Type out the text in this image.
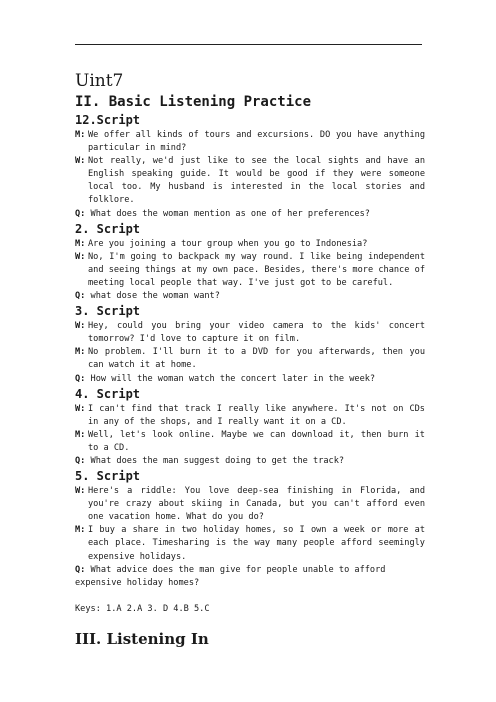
Uint7
II. Basic Listening Practice
12.Script
M: We offer all kinds of tours and excursions. DO you have anything particular in mind?
W: Not really, we'd just like to see the local sights and have an English speaking guide. It would be good if they were someone local too. My husband is interested in the local stories and folklore.
Q: What does the woman mention as one of her preferences?
2. Script
M: Are you joining a tour group when you go to Indonesia?
W: No, I'm going to backpack my way round. I like being independent and seeing things at my own pace. Besides, there's more chance of meeting local people that way. I've just got to be careful.
Q: what dose the woman want?
3. Script
W: Hey, could you bring your video camera to the kids' concert tomorrow? I'd love to capture it on film.
M: No problem. I'll burn it to a DVD for you afterwards, then you can watch it at home.
Q: How will the woman watch the concert later in the week?
4. Script
W: I can't find that track I really like anywhere. It's not on CDs in any of the shops, and I really want it on a CD.
M: Well, let's look online. Maybe we can download it, then burn it to a CD.
Q: What does the man suggest doing to get the track?
5. Script
W: Here's a riddle: You love deep-sea finishing in Florida, and you're crazy about skiing in Canada, but you can't afford even one vacation home. What do you do?
M: I buy a share in two holiday homes, so I own a week or more at each place. Timesharing is the way many people afford seemingly expensive holidays.
Q: What advice does the man give for people unable to afford expensive holiday homes?
Keys: 1.A 2.A 3. D 4.B 5.C
III. Listening In
